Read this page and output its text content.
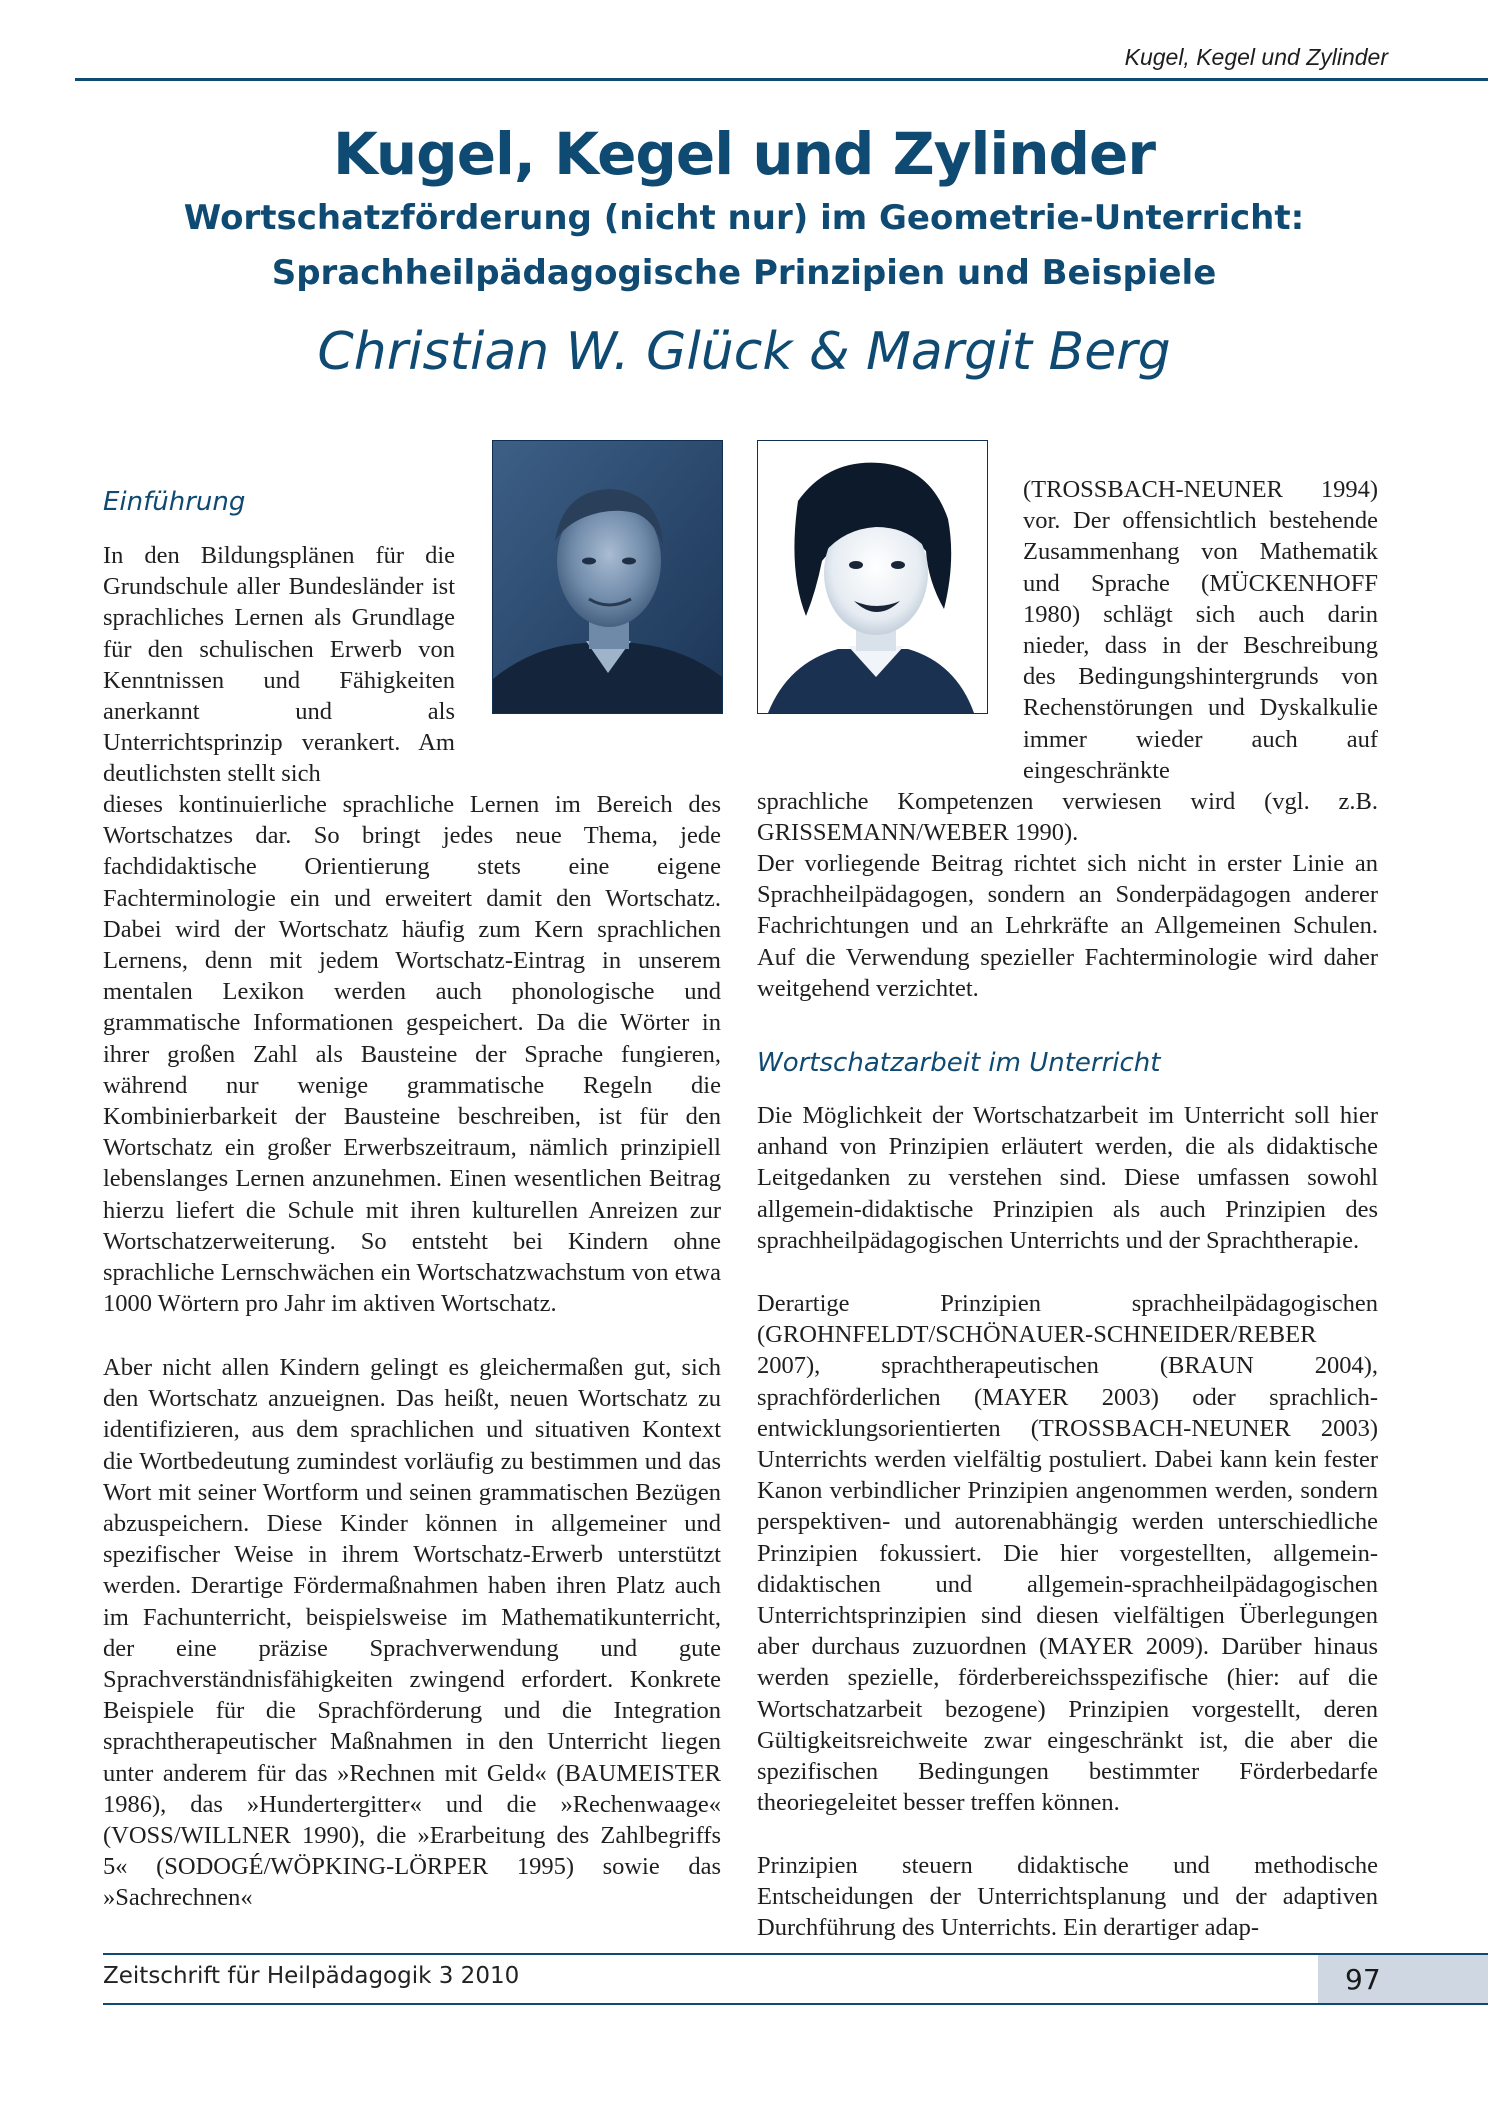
Kugel, Kegel und Zylinder
Kugel, Kegel und Zylinder
Wortschatzförderung (nicht nur) im Geometrie-Unterricht:
Sprachheilpädagogische Prinzipien und Beispiele
Christian W. Glück & Margit Berg
Einführung

In den Bildungsplänen für die Grundschule aller Bundesländer ist sprachliches Lernen als Grundlage für den schulischen Erwerb von Kenntnissen und Fähigkeiten anerkannt und als Unterrichtsprinzip verankert. Am deutlichsten stellt sich

dieses kontinuierliche sprachliche Lernen im Bereich des Wortschatzes dar. So bringt jedes neue Thema, jede fachdidaktische Orientierung stets eine eigene Fachterminologie ein und erweitert damit den Wortschatz. Dabei wird der Wortschatz häufig zum Kern sprachlichen Lernens, denn mit jedem Wortschatz-Eintrag in unserem mentalen Lexikon werden auch phonologische und grammatische Informationen gespeichert. Da die Wörter in ihrer großen Zahl als Bausteine der Sprache fungieren, während nur wenige grammatische Regeln die Kombinierbarkeit der Bausteine beschreiben, ist für den Wortschatz ein großer Erwerbszeitraum, nämlich prinzipiell lebenslanges Lernen anzunehmen. Einen wesentlichen Beitrag hierzu liefert die Schule mit ihren kulturellen Anreizen zur Wortschatzerweiterung. So entsteht bei Kindern ohne sprachliche Lernschwächen ein Wortschatzwachstum von etwa 1000 Wörtern pro Jahr im aktiven Wortschatz.

Aber nicht allen Kindern gelingt es gleichermaßen gut, sich den Wortschatz anzueignen. Das heißt, neuen Wortschatz zu identifizieren, aus dem sprachlichen und situativen Kontext die Wortbedeutung zumindest vorläufig zu bestimmen und das Wort mit seiner Wortform und seinen grammatischen Bezügen abzuspeichern. Diese Kinder können in allgemeiner und spezifischer Weise in ihrem Wortschatz-Erwerb unterstützt werden. Derartige Fördermaßnahmen haben ihren Platz auch im Fachunterricht, beispielsweise im Mathematikunterricht, der eine präzise Sprachverwendung und gute Sprachverständnisfähigkeiten zwingend erfordert. Konkrete Beispiele für die Sprachförderung und die Integration sprachtherapeutischer Maßnahmen in den Unterricht liegen unter anderem für das »Rechnen mit Geld« (BAUMEISTER 1986), das »Hundertergitter« und die »Rechenwaage« (VOSS/WILLNER 1990), die »Erarbeitung des Zahlbegriffs 5« (SODOGÉ/WÖPKING-LÖRPER 1995) sowie das »Sachrechnen«

(TROSSBACH-NEUNER 1994) vor. Der offensichtlich bestehende Zusammenhang von Mathematik und Sprache (MÜCKENHOFF 1980) schlägt sich auch darin nieder, dass in der Beschreibung des Bedingungshintergrunds von Rechenstörungen und Dyskalkulie immer wieder auch auf eingeschränkte

sprachliche Kompetenzen verwiesen wird (vgl. z.B. GRISSEMANN/WEBER 1990).

Der vorliegende Beitrag richtet sich nicht in erster Linie an Sprachheilpädagogen, sondern an Sonderpädagogen anderer Fachrichtungen und an Lehrkräfte an Allgemeinen Schulen. Auf die Verwendung spezieller Fachterminologie wird daher weitgehend verzichtet.

Wortschatzarbeit im Unterricht

Die Möglichkeit der Wortschatzarbeit im Unterricht soll hier anhand von Prinzipien erläutert werden, die als didaktische Leitgedanken zu verstehen sind. Diese umfassen sowohl allgemein-didaktische Prinzipien als auch Prinzipien des sprachheilpädagogischen Unterrichts und der Sprachtherapie.

Derartige Prinzipien sprachheilpädagogischen (GROHNFELDT/SCHÖNAUER-SCHNEIDER/REBER 2007), sprachtherapeutischen (BRAUN 2004), sprachförderlichen (MAYER 2003) oder sprachlich-entwicklungsorientierten (TROSSBACH-NEUNER 2003) Unterrichts werden vielfältig postuliert. Dabei kann kein fester Kanon verbindlicher Prinzipien angenommen werden, sondern perspektiven- und autorenabhängig werden unterschiedliche Prinzipien fokussiert. Die hier vorgestellten, allgemein-didaktischen und allgemein-sprachheilpädagogischen Unterrichtsprinzipien sind diesen vielfältigen Überlegungen aber durchaus zuzuordnen (MAYER 2009). Darüber hinaus werden spezielle, förderbereichsspezifische (hier: auf die Wortschatzarbeit bezogene) Prinzipien vorgestellt, deren Gültigkeitsreichweite zwar eingeschränkt ist, die aber die spezifischen Bedingungen bestimmter Förderbedarfe theoriegeleitet besser treffen können.

Prinzipien steuern didaktische und methodische Entscheidungen der Unterrichtsplanung und der adaptiven Durchführung des Unterrichts. Ein derartiger adap-

Zeitschrift für Heilpädagogik 3 2010	97
